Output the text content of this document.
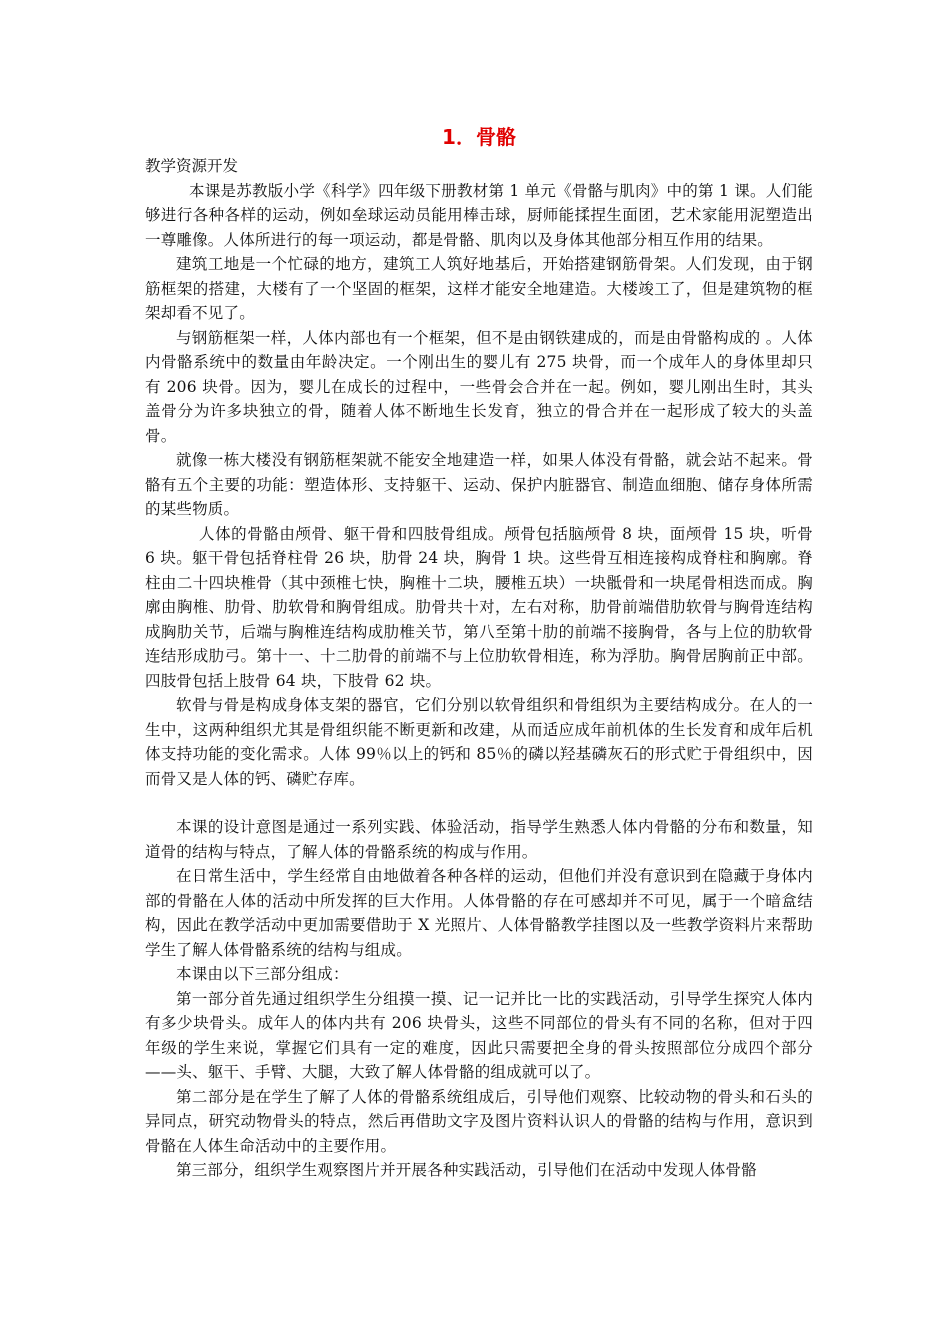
1．骨骼

教学资源开发

本课是苏教版小学《科学》四年级下册教材第 1 单元《骨骼与肌肉》中的第 1 课。人们能够进行各种各样的运动，例如垒球运动员能用棒击球，厨师能揉捏生面团，艺术家能用泥塑造出一尊雕像。人体所进行的每一项运动，都是骨骼、肌肉以及身体其他部分相互作用的结果。

建筑工地是一个忙碌的地方，建筑工人筑好地基后，开始搭建钢筋骨架。人们发现，由于钢筋框架的搭建，大楼有了一个坚固的框架，这样才能安全地建造。大楼竣工了，但是建筑物的框架却看不见了。

与钢筋框架一样，人体内部也有一个框架，但不是由钢铁建成的，而是由骨骼构成的 。人体内骨骼系统中的数量由年龄决定。一个刚出生的婴儿有 275 块骨，而一个成年人的身体里却只有 206 块骨。因为，婴儿在成长的过程中，一些骨会合并在一起。例如，婴儿刚出生时，其头盖骨分为许多块独立的骨，随着人体不断地生长发育，独立的骨合并在一起形成了较大的头盖骨。

就像一栋大楼没有钢筋框架就不能安全地建造一样，如果人体没有骨骼，就会站不起来。骨骼有五个主要的功能：塑造体形、支持躯干、运动、保护内脏器官、制造血细胞、储存身体所需的某些物质。

人体的骨骼由颅骨、躯干骨和四肢骨组成。颅骨包括脑颅骨 8 块，面颅骨 15 块，听骨 6 块。躯干骨包括脊柱骨 26 块，肋骨 24 块，胸骨 1 块。这些骨互相连接构成脊柱和胸廓。脊柱由二十四块椎骨（其中颈椎七快，胸椎十二块，腰椎五块）一块骶骨和一块尾骨相迭而成。胸廓由胸椎、肋骨、肋软骨和胸骨组成。肋骨共十对，左右对称，肋骨前端借肋软骨与胸骨连结构成胸肋关节，后端与胸椎连结构成肋椎关节，第八至第十肋的前端不接胸骨，各与上位的肋软骨连结形成肋弓。第十一、十二肋骨的前端不与上位肋软骨相连，称为浮肋。胸骨居胸前正中部。四肢骨包括上肢骨 64 块，下肢骨 62 块。

软骨与骨是构成身体支架的器官，它们分别以软骨组织和骨组织为主要结构成分。在人的一生中，这两种组织尤其是骨组织能不断更新和改建，从而适应成年前机体的生长发育和成年后机体支持功能的变化需求。人体 99％以上的钙和 85％的磷以羟基磷灰石的形式贮于骨组织中，因而骨又是人体的钙、磷贮存库。

本课的设计意图是通过一系列实践、体验活动，指导学生熟悉人体内骨骼的分布和数量，知道骨的结构与特点，了解人体的骨骼系统的构成与作用。

在日常生活中，学生经常自由地做着各种各样的运动，但他们并没有意识到在隐藏于身体内部的骨骼在人体的活动中所发挥的巨大作用。人体骨骼的存在可感却并不可见，属于一个暗盒结构，因此在教学活动中更加需要借助于 X 光照片、人体骨骼教学挂图以及一些教学资料片来帮助学生了解人体骨骼系统的结构与组成。

本课由以下三部分组成：

第一部分首先通过组织学生分组摸一摸、记一记并比一比的实践活动，引导学生探究人体内有多少块骨头。成年人的体内共有 206 块骨头，这些不同部位的骨头有不同的名称，但对于四年级的学生来说，掌握它们具有一定的难度，因此只需要把全身的骨头按照部位分成四个部分——头、躯干、手臂、大腿，大致了解人体骨骼的组成就可以了。

第二部分是在学生了解了人体的骨骼系统组成后，引导他们观察、比较动物的骨头和石头的异同点，研究动物骨头的特点，然后再借助文字及图片资料认识人的骨骼的结构与作用，意识到骨骼在人体生命活动中的主要作用。

第三部分，组织学生观察图片并开展各种实践活动，引导他们在活动中发现人体骨骼
